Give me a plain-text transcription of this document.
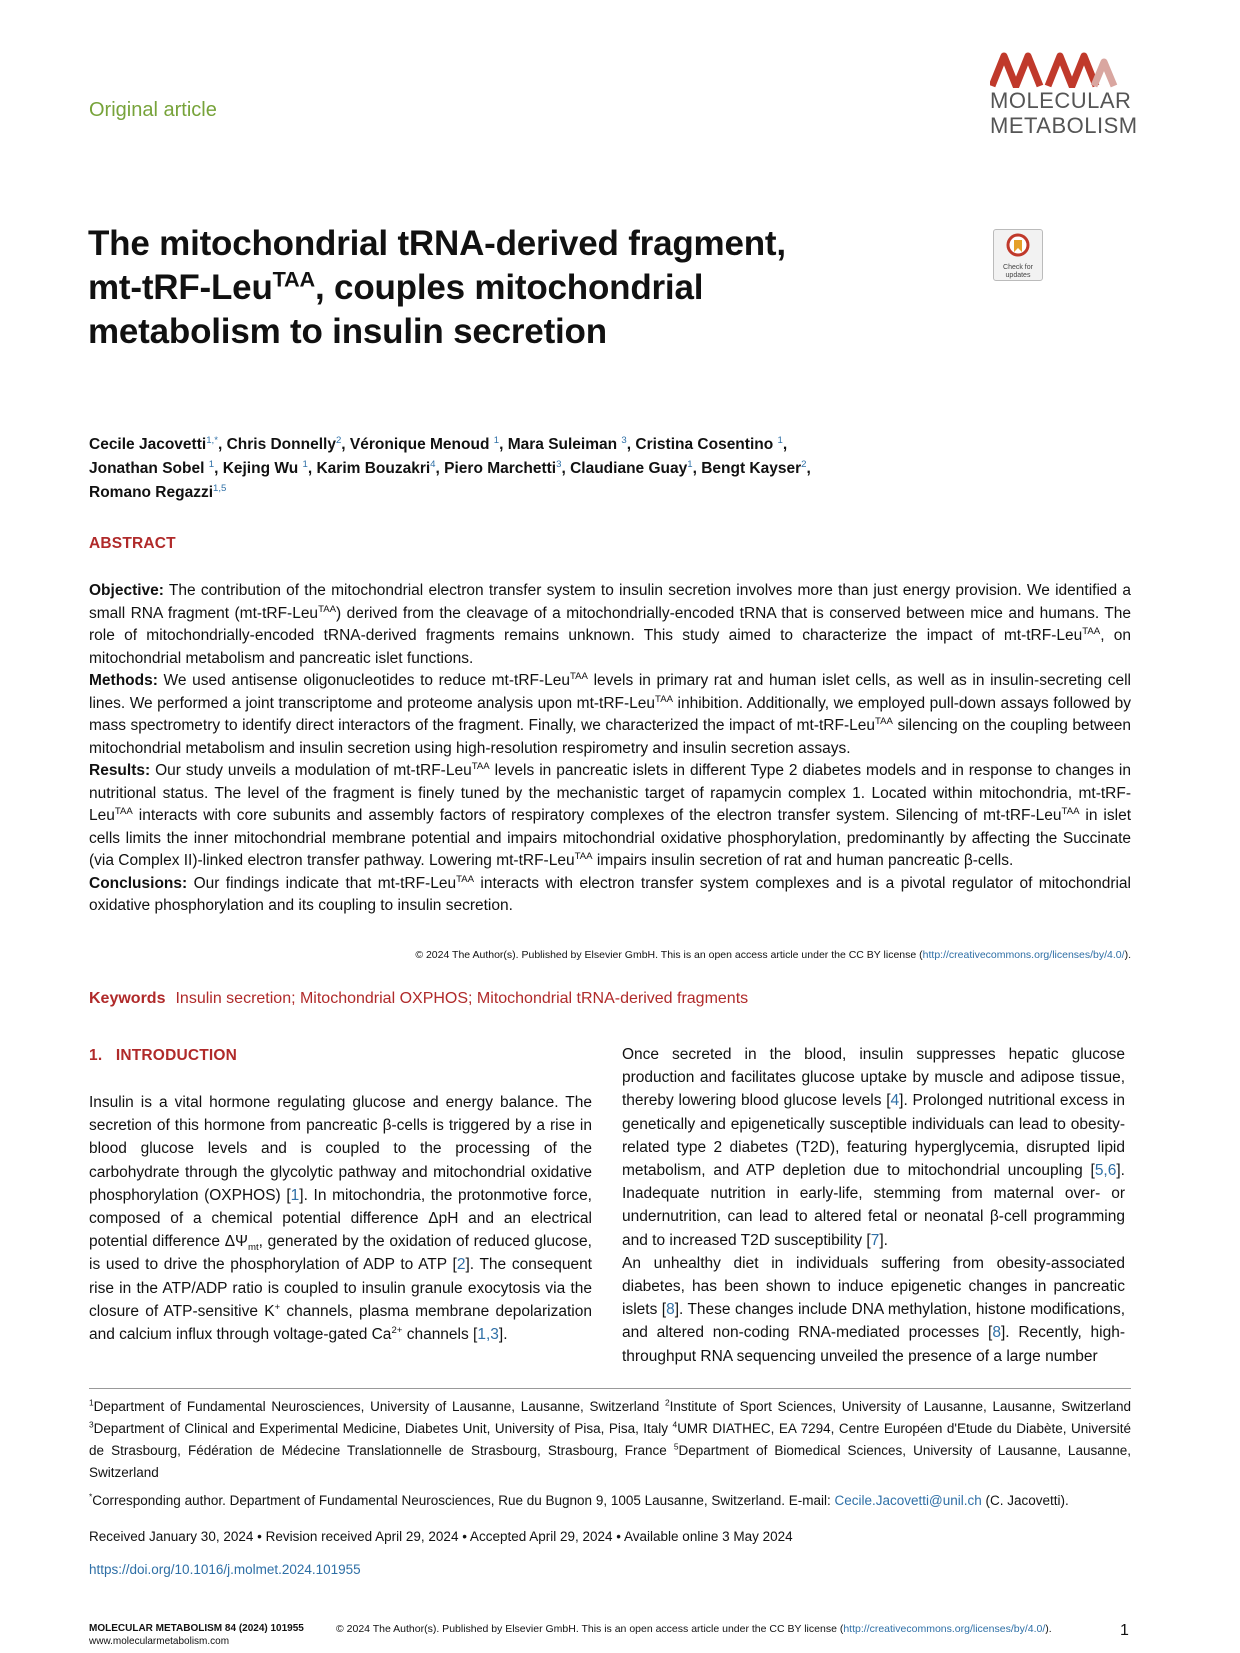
Original article	MOLECULAR
METABOLISM
The mitochondrial tRNA-derived fragment,
mt-tRF-Leu$^{TAA}$, couples mitochondrial
metabolism to insulin secretion
Check for
updates
Cecile Jacovetti$^{1,*}$, Chris Donnelly$^2$, Véronique Menoud $^1$, Mara Suleiman $^3$, Cristina Cosentino $^1$,
Jonathan Sobel $^1$, Kejing Wu $^1$, Karim Bouzakri$^4$, Piero Marchetti$^3$, Claudiane Guay$^1$, Bengt Kayser$^2$,
Romano Regazzi$^{1,5}$
ABSTRACT

Objective: The contribution of the mitochondrial electron transfer system to insulin secretion involves more than just energy provision. We identified a small RNA fragment (mt-tRF-Leu$^{TAA}$) derived from the cleavage of a mitochondrially-encoded tRNA that is conserved between mice and humans. The role of mitochondrially-encoded tRNA-derived fragments remains unknown. This study aimed to characterize the impact of mt-tRF-Leu$^{TAA}$, on mitochondrial metabolism and pancreatic islet functions.

Methods: We used antisense oligonucleotides to reduce mt-tRF-Leu$^{TAA}$ levels in primary rat and human islet cells, as well as in insulin-secreting cell lines. We performed a joint transcriptome and proteome analysis upon mt-tRF-Leu$^{TAA}$ inhibition. Additionally, we employed pull-down assays followed by mass spectrometry to identify direct interactors of the fragment. Finally, we characterized the impact of mt-tRF-Leu$^{TAA}$ silencing on the coupling between mitochondrial metabolism and insulin secretion using high-resolution respirometry and insulin secretion assays.

Results: Our study unveils a modulation of mt-tRF-Leu$^{TAA}$ levels in pancreatic islets in different Type 2 diabetes models and in response to changes in nutritional status. The level of the fragment is finely tuned by the mechanistic target of rapamycin complex 1. Located within mitochondria, mt-tRF-Leu$^{TAA}$ interacts with core subunits and assembly factors of respiratory complexes of the electron transfer system. Silencing of mt-tRF-Leu$^{TAA}$ in islet cells limits the inner mitochondrial membrane potential and impairs mitochondrial oxidative phosphorylation, predominantly by affecting the Succinate (via Complex II)-linked electron transfer pathway. Lowering mt-tRF-Leu$^{TAA}$ impairs insulin secretion of rat and human pancreatic β-cells.

Conclusions: Our findings indicate that mt-tRF-Leu$^{TAA}$ interacts with electron transfer system complexes and is a pivotal regulator of mitochondrial oxidative phosphorylation and its coupling to insulin secretion.

© 2024 The Author(s). Published by Elsevier GmbH. This is an open access article under the CC BY license (http://creativecommons.org/licenses/by/4.0/).
Keywords Insulin secretion; Mitochondrial OXPHOS; Mitochondrial tRNA-derived fragments
1.   INTRODUCTION

Insulin is a vital hormone regulating glucose and energy balance. The secretion of this hormone from pancreatic β-cells is triggered by a rise in blood glucose levels and is coupled to the processing of the carbohydrate through the glycolytic pathway and mitochondrial oxidative phosphorylation (OXPHOS) [1]. In mitochondria, the protonmotive force, composed of a chemical potential difference ΔpH and an electrical potential difference $\Delta\Psi_{mt}$, generated by the oxidation of reduced glucose, is used to drive the phosphorylation of ADP to ATP [2]. The consequent rise in the ATP/ADP ratio is coupled to insulin granule exocytosis via the closure of ATP-sensitive K+ channels, plasma membrane depolarization and calcium influx through voltage-gated $Ca^{2+}$ channels [1,3].

Once secreted in the blood, insulin suppresses hepatic glucose production and facilitates glucose uptake by muscle and adipose tissue, thereby lowering blood glucose levels [4]. Prolonged nutritional excess in genetically and epigenetically susceptible individuals can lead to obesity-related type 2 diabetes (T2D), featuring hyperglycemia, disrupted lipid metabolism, and ATP depletion due to mitochondrial uncoupling [5,6]. Inadequate nutrition in early-life, stemming from maternal over- or undernutrition, can lead to altered fetal or neonatal β-cell programming and to increased T2D susceptibility [7].

An unhealthy diet in individuals suffering from obesity-associated diabetes, has been shown to induce epigenetic changes in pancreatic islets [8]. These changes include DNA methylation, histone modifications, and altered non-coding RNA-mediated processes [8]. Recently, high-throughput RNA sequencing unveiled the presence of a large number

$^1$Department of Fundamental Neurosciences, University of Lausanne, Lausanne, Switzerland $^2$Institute of Sport Sciences, University of Lausanne, Lausanne, Switzerland $^3$Department of Clinical and Experimental Medicine, Diabetes Unit, University of Pisa, Pisa, Italy $^4$UMR DIATHEC, EA 7294, Centre Européen d'Etude du Diabète, Université de Strasbourg, Fédération de Médecine Translationnelle de Strasbourg, Strasbourg, France $^5$Department of Biomedical Sciences, University of Lausanne, Lausanne, Switzerland
*Corresponding author. Department of Fundamental Neurosciences, Rue du Bugnon 9, 1005 Lausanne, Switzerland. E-mail: Cecile.Jacovetti@unil.ch (C. Jacovetti).
Received January 30, 2024 • Revision received April 29, 2024 • Accepted April 29, 2024 • Available online 3 May 2024
https://doi.org/10.1016/j.molmet.2024.101955
MOLECULAR METABOLISM 84 (2024) 101955
www.molecularmetabolism.com
© 2024 The Author(s). Published by Elsevier GmbH. This is an open access article under the CC BY license (http://creativecommons.org/licenses/by/4.0/).	1
